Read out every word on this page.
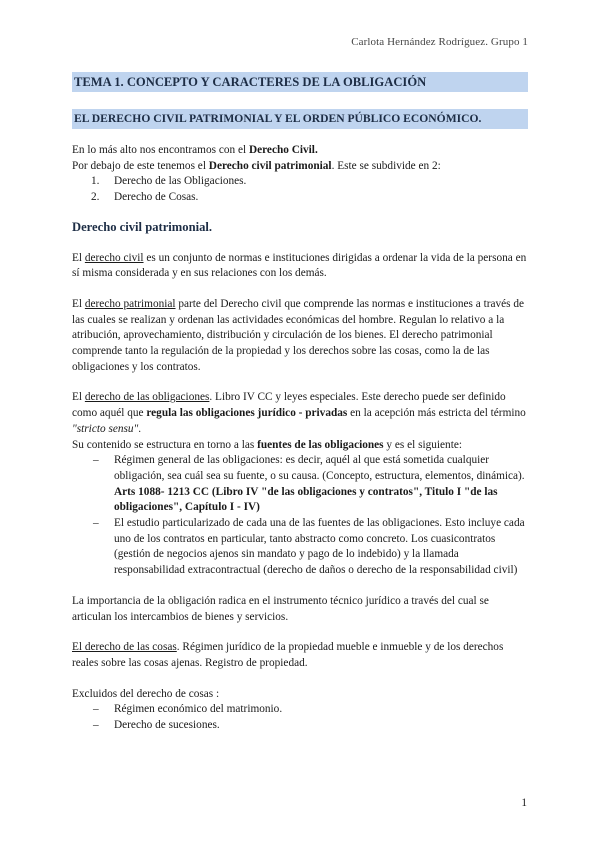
Carlota Hernández Rodríguez. Grupo 1
TEMA 1. CONCEPTO Y CARACTERES DE LA OBLIGACIÓN
EL DERECHO CIVIL PATRIMONIAL Y EL ORDEN PÚBLICO ECONÓMICO.

En lo más alto nos encontramos con el Derecho Civil.

Por debajo de este tenemos el Derecho civil patrimonial. Este se subdivide en 2:

1. Derecho de las Obligaciones.
2. Derecho de Cosas.
Derecho civil patrimonial.

El derecho civil es un conjunto de normas e instituciones dirigidas a ordenar la vida de la persona en sí misma considerada y en sus relaciones con los demás.

El derecho patrimonial parte del Derecho civil que comprende las normas e instituciones a través de las cuales se realizan y ordenan las actividades económicas del hombre. Regulan lo relativo a la atribución, aprovechamiento, distribución y circulación de los bienes. El derecho patrimonial comprende tanto la regulación de la propiedad y los derechos sobre las cosas, como la de las obligaciones y los contratos.

El derecho de las obligaciones. Libro IV CC y leyes especiales. Este derecho puede ser definido como aquél que regula las obligaciones jurídico - privadas en la acepción más estricta del término "stricto sensu".

Su contenido se estructura en torno a las fuentes de las obligaciones y es el siguiente:

– Régimen general de las obligaciones: es decir, aquél al que está sometida cualquier obligación, sea cuál sea su fuente, o su causa. (Concepto, estructura, elementos, dinámica). Arts 1088- 1213 CC (Libro IV "de las obligaciones y contratos", Titulo I "de las obligaciones", Capítulo I - IV)
– El estudio particularizado de cada una de las fuentes de las obligaciones. Esto incluye cada uno de los contratos en particular, tanto abstracto como concreto. Los cuasicontratos (gestión de negocios ajenos sin mandato y pago de lo indebido) y la llamada responsabilidad extracontractual (derecho de daños o derecho de la responsabilidad civil)

La importancia de la obligación radica en el instrumento técnico jurídico a través del cual se articulan los intercambios de bienes y servicios.

El derecho de las cosas. Régimen jurídico de la propiedad mueble e inmueble y de los derechos reales sobre las cosas ajenas. Registro de propiedad.

Excluidos del derecho de cosas :

– Régimen económico del matrimonio.
– Derecho de sucesiones.
1
